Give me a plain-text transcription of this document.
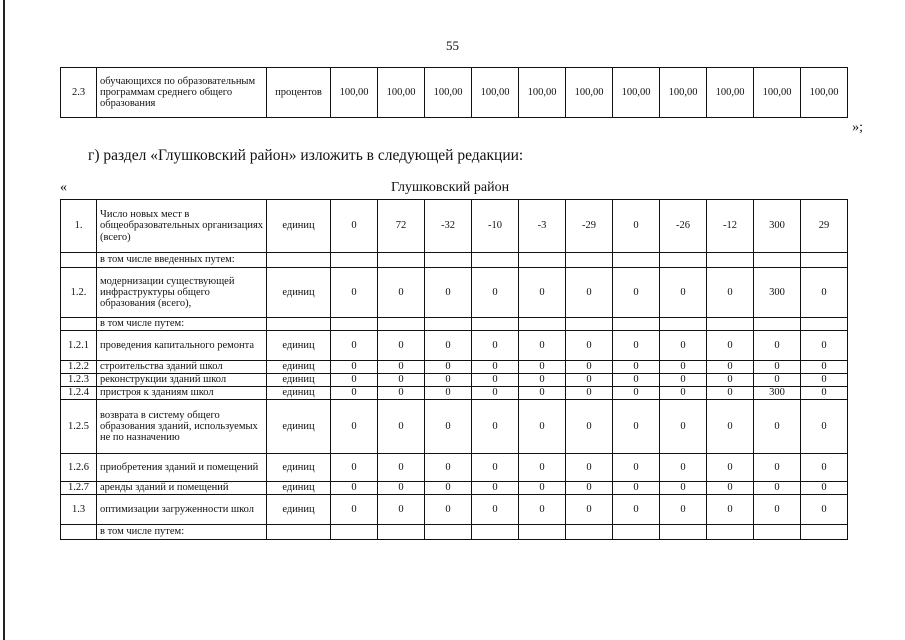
55
2.3	обучающихся по образовательным программам среднего общего образования	процентов	100,00	100,00	100,00	100,00	100,00	100,00	100,00	100,00	100,00	100,00	100,00
»;
г) раздел «Глушковский район» изложить в следующей редакции:
Глушковский район
«
1.	Число новых мест в общеобразовательных организациях (всего)	единиц	0	72	-32	-10	-3	-29	0	-26	-12	300	29
	в том числе введенных путем:												
1.2.	модернизации существующей инфраструктуры общего образования (всего),	единиц	0	0	0	0	0	0	0	0	0	300	0
	в том числе путем:												
1.2.1	проведения капитального ремонта	единиц	0	0	0	0	0	0	0	0	0	0	0
1.2.2	строительства зданий школ	единиц	0	0	0	0	0	0	0	0	0	0	0
1.2.3	реконструкции зданий школ	единиц	0	0	0	0	0	0	0	0	0	0	0
1.2.4	пристроя к зданиям школ	единиц	0	0	0	0	0	0	0	0	0	300	0
1.2.5	возврата в систему общего образования зданий, используемых не по назначению	единиц	0	0	0	0	0	0	0	0	0	0	0
1.2.6	приобретения зданий и помещений	единиц	0	0	0	0	0	0	0	0	0	0	0
1.2.7	аренды зданий и помещений	единиц	0	0	0	0	0	0	0	0	0	0	0
1.3	оптимизации загруженности школ	единиц	0	0	0	0	0	0	0	0	0	0	0
	в том числе путем:												
